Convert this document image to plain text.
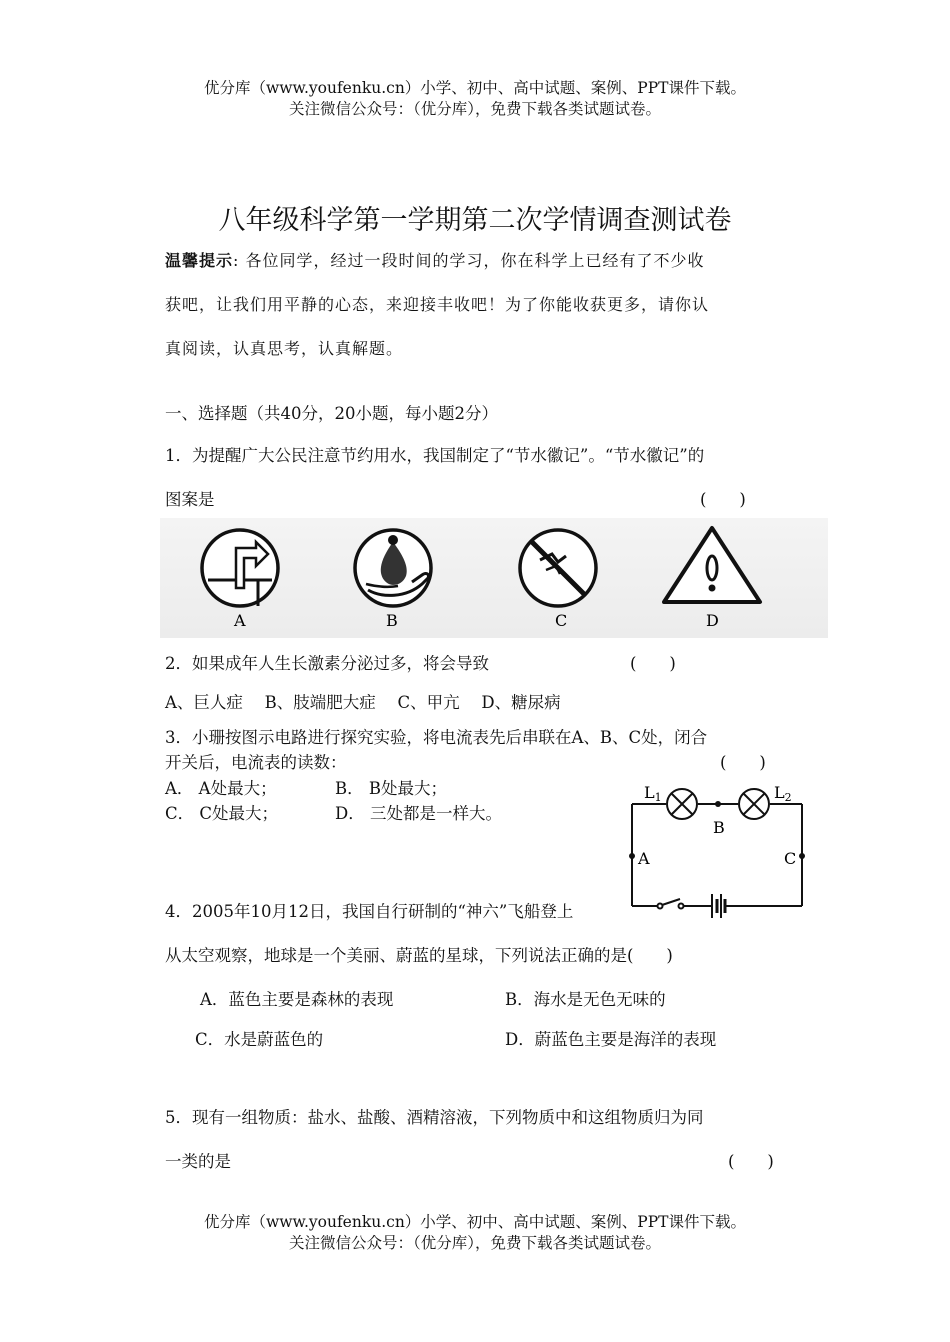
优分库（www.youfenku.cn）小学、初中、高中试题、案例、PPT课件下载。
关注微信公众号：（优分库），免费下载各类试题试卷。
八年级科学第一学期第二次学情调查测试卷
温馨提示: 各位同学，经过一段时间的学习，你在科学上已经有了不少收
获吧，让我们用平静的心态，来迎接丰收吧！为了你能收获更多，请你认
真阅读，认真思考，认真解题。
一、选择题（共40分，20小题，每小题2分）
1．为提醒广大公民注意节约用水，我国制定了“节水徽记”。“节水徽记”的
图案是	(　　)
A	B	C	D
2．如果成年人生长激素分泌过多，将会导致	(　　)
A、巨人症　 B、肢端肥大症　 C、甲亢　 D、糖尿病
3．小珊按图示电路进行探究实验，将电流表先后串联在A、B、C处，闭合
开关后，电流表的读数：	(　　)
A． A处最大；	B． B处最大；
C． C处最大；	D． 三处都是一样大。
L1	L2
B
A	C
4．2005年10月12日，我国自行研制的“神六”飞船登上
从太空观察，地球是一个美丽、蔚蓝的星球，下列说法正确的是(　　)
A．蓝色主要是森林的表现	B．海水是无色无味的
C．水是蔚蓝色的	D．蔚蓝色主要是海洋的表现
5．现有一组物质：盐水、盐酸、酒精溶液，下列物质中和这组物质归为同
一类的是	(　　)
优分库（www.youfenku.cn）小学、初中、高中试题、案例、PPT课件下载。
关注微信公众号：（优分库），免费下载各类试题试卷。
